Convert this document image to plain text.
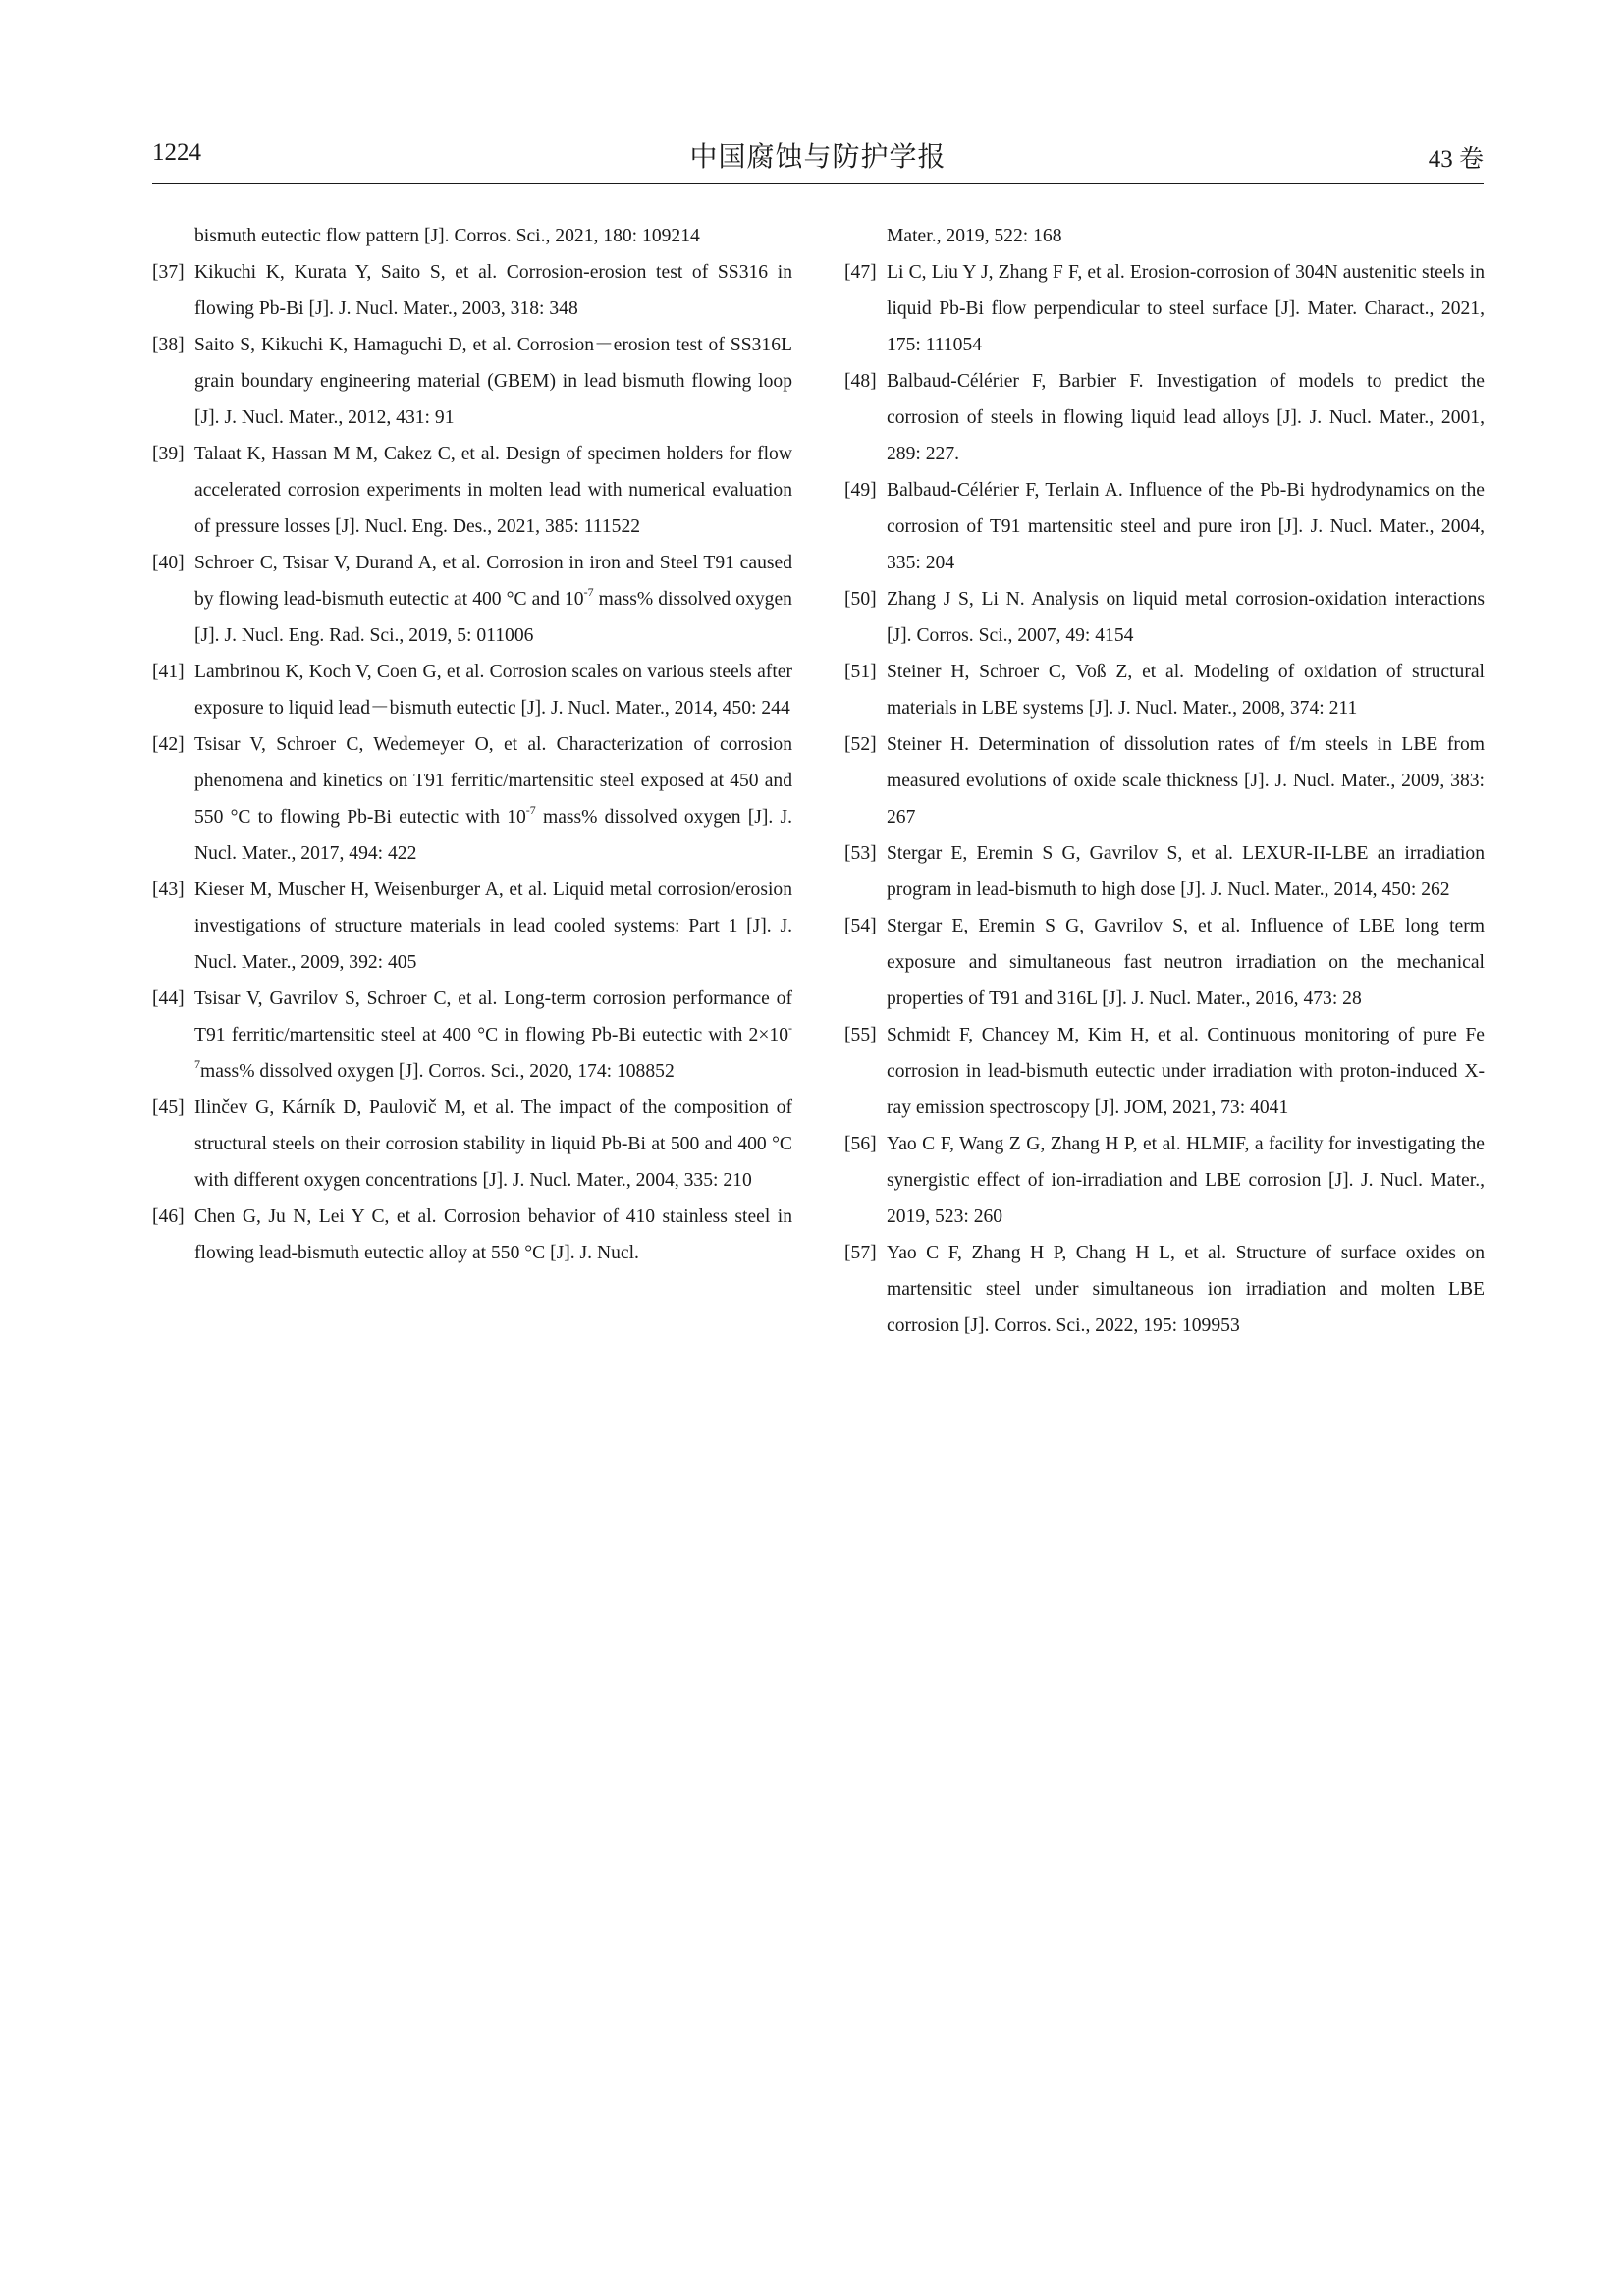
1224	中国腐蚀与防护学报	43 卷
bismuth eutectic flow pattern [J]. Corros. Sci., 2021, 180: 109214
[37] Kikuchi K, Kurata Y, Saito S, et al. Corrosion-erosion test of SS316 in flowing Pb-Bi [J]. J. Nucl. Mater., 2003, 318: 348
[38] Saito S, Kikuchi K, Hamaguchi D, et al. Corrosion－erosion test of SS316L grain boundary engineering material (GBEM) in lead bismuth flowing loop [J]. J. Nucl. Mater., 2012, 431: 91
[39] Talaat K, Hassan M M, Cakez C, et al. Design of specimen holders for flow accelerated corrosion experiments in molten lead with numerical evaluation of pressure losses [J]. Nucl. Eng. Des., 2021, 385: 111522
[40] Schroer C, Tsisar V, Durand A, et al. Corrosion in iron and Steel T91 caused by flowing lead-bismuth eutectic at 400 °C and $10^{-7}$ mass% dissolved oxygen [J]. J. Nucl. Eng. Rad. Sci., 2019, 5: 011006
[41] Lambrinou K, Koch V, Coen G, et al. Corrosion scales on various steels after exposure to liquid lead－bismuth eutectic [J]. J. Nucl. Mater., 2014, 450: 244
[42] Tsisar V, Schroer C, Wedemeyer O, et al. Characterization of corrosion phenomena and kinetics on T91 ferritic/martensitic steel exposed at 450 and 550 °C to flowing Pb-Bi eutectic with $10^{-7}$ mass% dissolved oxygen [J]. J. Nucl. Mater., 2017, 494: 422
[43] Kieser M, Muscher H, Weisenburger A, et al. Liquid metal corrosion/erosion investigations of structure materials in lead cooled systems: Part 1 [J]. J. Nucl. Mater., 2009, 392: 405
[44] Tsisar V, Gavrilov S, Schroer C, et al. Long-term corrosion performance of T91 ferritic/martensitic steel at 400 °C in flowing Pb-Bi eutectic with $2\times 10^{-7}mass\%$ dissolved oxygen [J]. Corros. Sci., 2020, 174: 108852
[45] Ilinčev G, Kárník D, Paulovič M, et al. The impact of the composition of structural steels on their corrosion stability in liquid Pb-Bi at 500 and 400 °C with different oxygen concentrations [J]. J. Nucl. Mater., 2004, 335: 210
[46] Chen G, Ju N, Lei Y C, et al. Corrosion behavior of 410 stainless steel in flowing lead-bismuth eutectic alloy at 550 °C [J]. J. Nucl.
Mater., 2019, 522: 168
[47] Li C, Liu Y J, Zhang F F, et al. Erosion-corrosion of 304N austenitic steels in liquid Pb-Bi flow perpendicular to steel surface [J]. Mater. Charact., 2021, 175: 111054
[48] Balbaud-Célérier F, Barbier F. Investigation of models to predict the corrosion of steels in flowing liquid lead alloys [J]. J. Nucl. Mater., 2001, 289: 227.
[49] Balbaud-Célérier F, Terlain A. Influence of the Pb-Bi hydrodynamics on the corrosion of T91 martensitic steel and pure iron [J]. J. Nucl. Mater., 2004, 335: 204
[50] Zhang J S, Li N. Analysis on liquid metal corrosion-oxidation interactions [J]. Corros. Sci., 2007, 49: 4154
[51] Steiner H, Schroer C, Voß Z, et al. Modeling of oxidation of structural materials in LBE systems [J]. J. Nucl. Mater., 2008, 374: 211
[52] Steiner H. Determination of dissolution rates of f/m steels in LBE from measured evolutions of oxide scale thickness [J]. J. Nucl. Mater., 2009, 383: 267
[53] Stergar E, Eremin S G, Gavrilov S, et al. LEXUR-II-LBE an irradiation program in lead-bismuth to high dose [J]. J. Nucl. Mater., 2014, 450: 262
[54] Stergar E, Eremin S G, Gavrilov S, et al. Influence of LBE long term exposure and simultaneous fast neutron irradiation on the mechanical properties of T91 and 316L [J]. J. Nucl. Mater., 2016, 473: 28
[55] Schmidt F, Chancey M, Kim H, et al. Continuous monitoring of pure Fe corrosion in lead-bismuth eutectic under irradiation with proton-induced X-ray emission spectroscopy [J]. JOM, 2021, 73: 4041
[56] Yao C F, Wang Z G, Zhang H P, et al. HLMIF, a facility for investigating the synergistic effect of ion-irradiation and LBE corrosion [J]. J. Nucl. Mater., 2019, 523: 260
[57] Yao C F, Zhang H P, Chang H L, et al. Structure of surface oxides on martensitic steel under simultaneous ion irradiation and molten LBE corrosion [J]. Corros. Sci., 2022, 195: 109953
